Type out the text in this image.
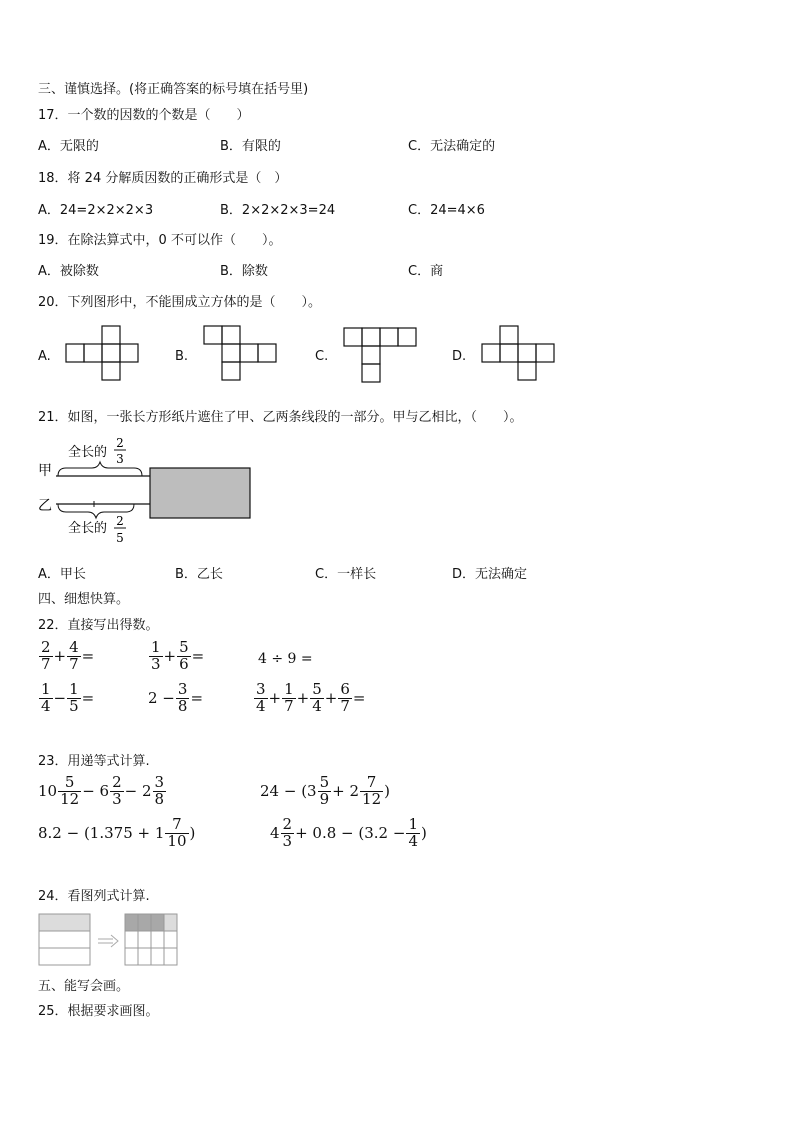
三、谨慎选择。(将正确答案的标号填在括号里)
17．一个数的因数的个数是（　　）
A．无限的	B．有限的	C．无法确定的
18．将 24 分解质因数的正确形式是（　）
A．24=2×2×2×3	B．2×2×2×3=24	C．24=4×6
19．在除法算式中，0 不可以作（　　）。
A．被除数	B．除数	C．商
20．下列图形中，不能围成立方体的是（　　）。
A.	B.	C.	D.
21．如图，一张长方形纸片遮住了甲、乙两条线段的一部分。甲与乙相比，（　　）。
甲
乙
全长的
2
3
全长的 2
5
A．甲长	B．乙长	C．一样长	D．无法确定
四、细想快算。
22．直接写出得数。
$\frac{2}{7} + \frac{4}{7}$ =	$\frac{1}{3} + \frac{5}{6}$ =	4 ÷ 9 =
$\frac{1}{4} - \frac{1}{5}$ =	$2 - \frac{3}{8}$ =	$\frac{3}{4} + \frac{1}{7} + \frac{5}{4} + \frac{6}{7}$ =
23．用递等式计算.
$10 \frac{5}{12} - 6 \frac{2}{3} - 2 \frac{3}{8}$	$24 - (3 \frac{5}{9} + 2 \frac{7}{12}$ )
$8.2 - (1.375 + 1 \frac{7}{10}$ )	$4 \frac{2}{3} + 0.8 - (3.2 - \frac{1}{4}$ )
24．看图列式计算.
五、能写会画。
25．根据要求画图。
